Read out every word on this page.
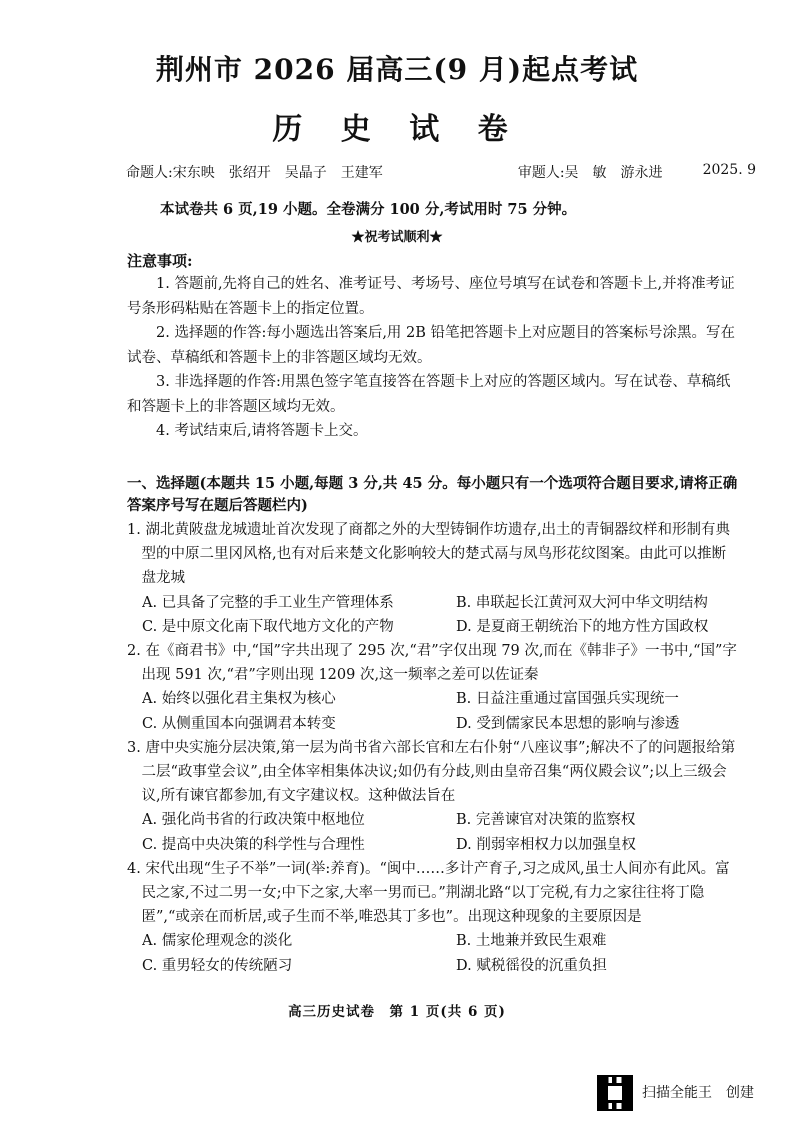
荆州市 2026 届高三(9 月)起点考试
历 史 试 卷
命题人:宋东映　张绍开　吴晶子　王建军	审题人:吴　敏　游永进	2025. 9
本试卷共 6 页,19 小题。全卷满分 100 分,考试用时 75 分钟。
★祝考试顺利★
注意事项:

1. 答题前,先将自己的姓名、准考证号、考场号、座位号填写在试卷和答题卡上,并将准考证号条形码粘贴在答题卡上的指定位置。

2. 选择题的作答:每小题选出答案后,用 2B 铅笔把答题卡上对应题目的答案标号涂黑。写在试卷、草稿纸和答题卡上的非答题区域均无效。

3. 非选择题的作答:用黑色签字笔直接答在答题卡上对应的答题区域内。写在试卷、草稿纸和答题卡上的非答题区域均无效。

4. 考试结束后,请将答题卡上交。

一、选择题(本题共 15 小题,每题 3 分,共 45 分。每小题只有一个选项符合题目要求,请将正确答案序号写在题后答题栏内)
1. 湖北黄陂盘龙城遗址首次发现了商都之外的大型铸铜作坊遗存,出土的青铜器纹样和形制有典型的中原二里冈风格,也有对后来楚文化影响较大的楚式鬲与凤鸟形花纹图案。由此可以推断盘龙城
A. 已具备了完整的手工业生产管理体系	B. 串联起长江黄河双大河中华文明结构
C. 是中原文化南下取代地方文化的产物	D. 是夏商王朝统治下的地方性方国政权
2. 在《商君书》中,“国”字共出现了 295 次,“君”字仅出现 79 次,而在《韩非子》一书中,“国”字出现 591 次,“君”字则出现 1209 次,这一频率之差可以佐证秦
A. 始终以强化君主集权为核心	B. 日益注重通过富国强兵实现统一
C. 从侧重国本向强调君本转变	D. 受到儒家民本思想的影响与渗透
3. 唐中央实施分层决策,第一层为尚书省六部长官和左右仆射“八座议事”;解决不了的问题报给第二层“政事堂会议”,由全体宰相集体决议;如仍有分歧,则由皇帝召集“两仪殿会议”;以上三级会议,所有谏官都参加,有文字建议权。这种做法旨在
A. 强化尚书省的行政决策中枢地位	B. 完善谏官对决策的监察权
C. 提高中央决策的科学性与合理性	D. 削弱宰相权力以加强皇权
4. 宋代出现“生子不举”一词(举:养育)。“闽中……多计产育子,习之成风,虽士人间亦有此风。富民之家,不过二男一女;中下之家,大率一男而已。”荆湖北路“以丁完税,有力之家往往将丁隐匿”,“或亲在而析居,或子生而不举,唯恐其丁多也”。出现这种现象的主要原因是
A. 儒家伦理观念的淡化	B. 土地兼并致民生艰难
C. 重男轻女的传统陋习	D. 赋税徭役的沉重负担
高三历史试卷　第 1 页(共 6 页)
扫描全能王　创建
